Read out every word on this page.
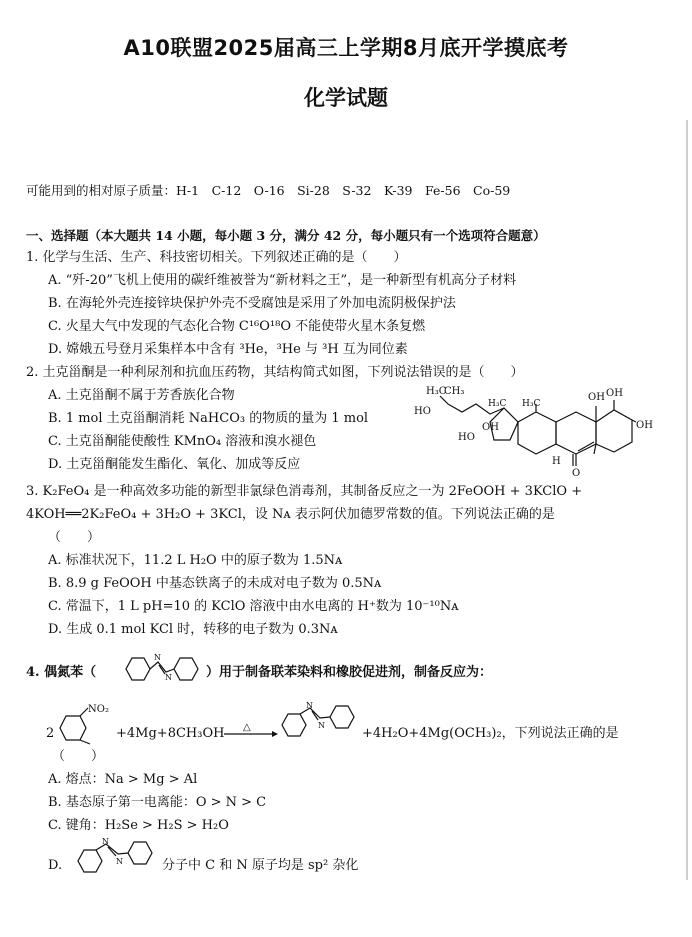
A10联盟2025届高三上学期8月底开学摸底考
化学试题
可能用到的相对原子质量：H-1　C-12　O-16　Si-28　S-32　K-39　Fe-56　Co-59
一、选择题（本大题共 14 小题，每小题 3 分，满分 42 分，每小题只有一个选项符合题意）
1. 化学与生活、生产、科技密切相关。下列叙述正确的是（　　）
A. “歼-20”飞机上使用的碳纤维被誉为“新材料之王”，是一种新型有机高分子材料
B. 在海轮外壳连接锌块保护外壳不受腐蚀是采用了外加电流阴极保护法
C. 火星大气中发现的气态化合物 C¹⁶O¹⁸O 不能使带火星木条复燃
D. 嫦娥五号登月采集样本中含有 ³He，³He 与 ³H 互为同位素
2. 土克甾酮是一种利尿剂和抗血压药物，其结构简式如图，下列说法错误的是（　　）
A. 土克甾酮不属于芳香族化合物
B. 1 mol 土克甾酮消耗 NaHCO₃ 的物质的量为 1 mol
C. 土克甾酮能使酸性 KMnO₄ 溶液和溴水褪色
D. 土克甾酮能发生酯化、氧化、加成等反应
H₃C
CH₃
HO
H₃C H₃C
OH OH
OH
HO
OH
H
O
3. K₂FeO₄ 是一种高效多功能的新型非氯绿色消毒剂，其制备反应之一为 2FeOOH + 3KClO +
4KOH══2K₂FeO₄ + 3H₂O + 3KCl，设 Nᴀ 表示阿伏加德罗常数的值。下列说法正确的是
（　　）
A. 标准状况下，11.2 L H₂O 中的原子数为 1.5Nᴀ
B. 8.9 g FeOOH 中基态铁离子的未成对电子数为 0.5Nᴀ
C. 常温下，1 L pH=10 的 KClO 溶液中由水电离的 H⁺数为 10⁻¹⁰Nᴀ
D. 生成 0.1 mol KCl 时，转移的电子数为 0.3Nᴀ
4. 偶氮苯（
N
N	）用于制备联苯染料和橡胶促进剂，制备反应为：
2
NO₂
+4Mg+8CH₃OH △
N
N
+4H₂O+4Mg(OCH₃)₂，下列说法正确的是
（　　）
A. 熔点：Na > Mg > Al
B. 基态原子第一电离能：O > N > C
C. 键角：H₂Se > H₂S > H₂O
D.
N
N	分子中 C 和 N 原子均是 sp² 杂化
